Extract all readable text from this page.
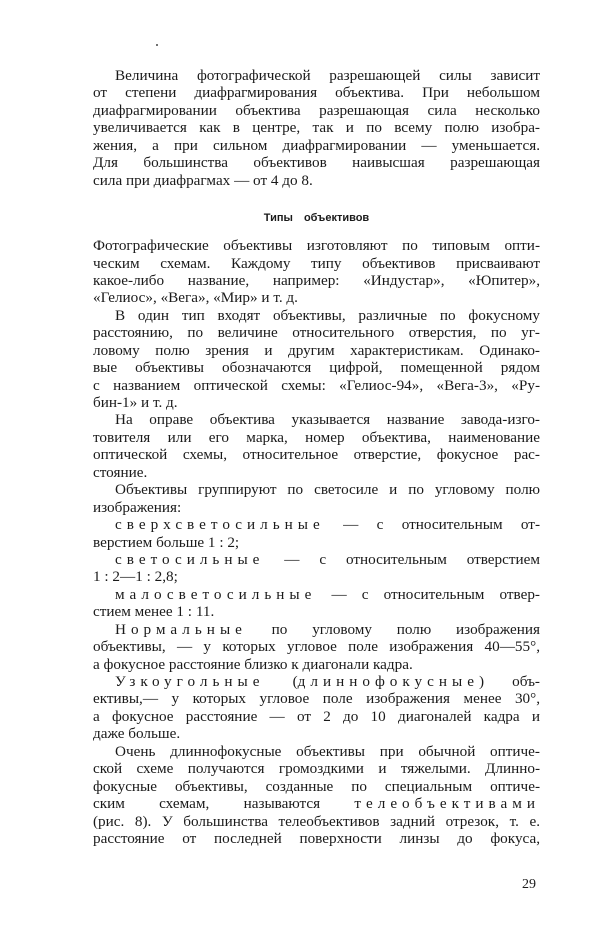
Величина фотографической разрешающей силы зависит
от степени диафрагмирования объектива. При небольшом
диафрагмировании объектива разрешающая сила несколько
увеличивается как в центре, так и по всему полю изобра-
жения, а при сильном диафрагмировании — уменьшается.
Для большинства объективов наивысшая разрешающая
сила при диафрагмах — от 4 до 8.
Типы объективов
Фотографические объективы изготовляют по типовым опти-
ческим схемам. Каждому типу объективов присваивают
какое-либо название, например: «Индустар», «Юпитер»,
«Гелиос», «Вега», «Мир» и т. д.
В один тип входят объективы, различные по фокусному
расстоянию, по величине относительного отверстия, по уг-
ловому полю зрения и другим характеристикам. Одинако-
вые объективы обозначаются цифрой, помещенной рядом
с названием оптической схемы: «Гелиос-94», «Вега-3», «Ру-
бин-1» и т. д.
На оправе объектива указывается название завода-изго-
товителя или его марка, номер объектива, наименование
оптической схемы, относительное отверстие, фокусное рас-
стояние.
Объективы группируют по светосиле и по угловому полю
изображения:
сверхсветосильные — с относительным от-
верстием больше 1 : 2;
светосильные — с относительным отверстием
1 : 2—1 : 2,8;
малосветосильные — с относительным отвер-
стием менее 1 : 11.
Нормальные по угловому полю изображения
объективы, — у которых угловое поле изображения 40—55°,
а фокусное расстояние близко к диагонали кадра.
Узкоугольные (длиннофокусные) объ-
ективы,— у которых угловое поле изображения менее 30°,
а фокусное расстояние — от 2 до 10 диагоналей кадра и
даже больше.
Очень длиннофокусные объективы при обычной оптиче-
ской схеме получаются громоздкими и тяжелыми. Длинно-
фокусные объективы, созданные по специальным оптиче-
ским схемам, называются телеобъективами
(рис. 8). У большинства телеобъективов задний отрезок, т. е.
расстояние от последней поверхности линзы до фокуса,
29
